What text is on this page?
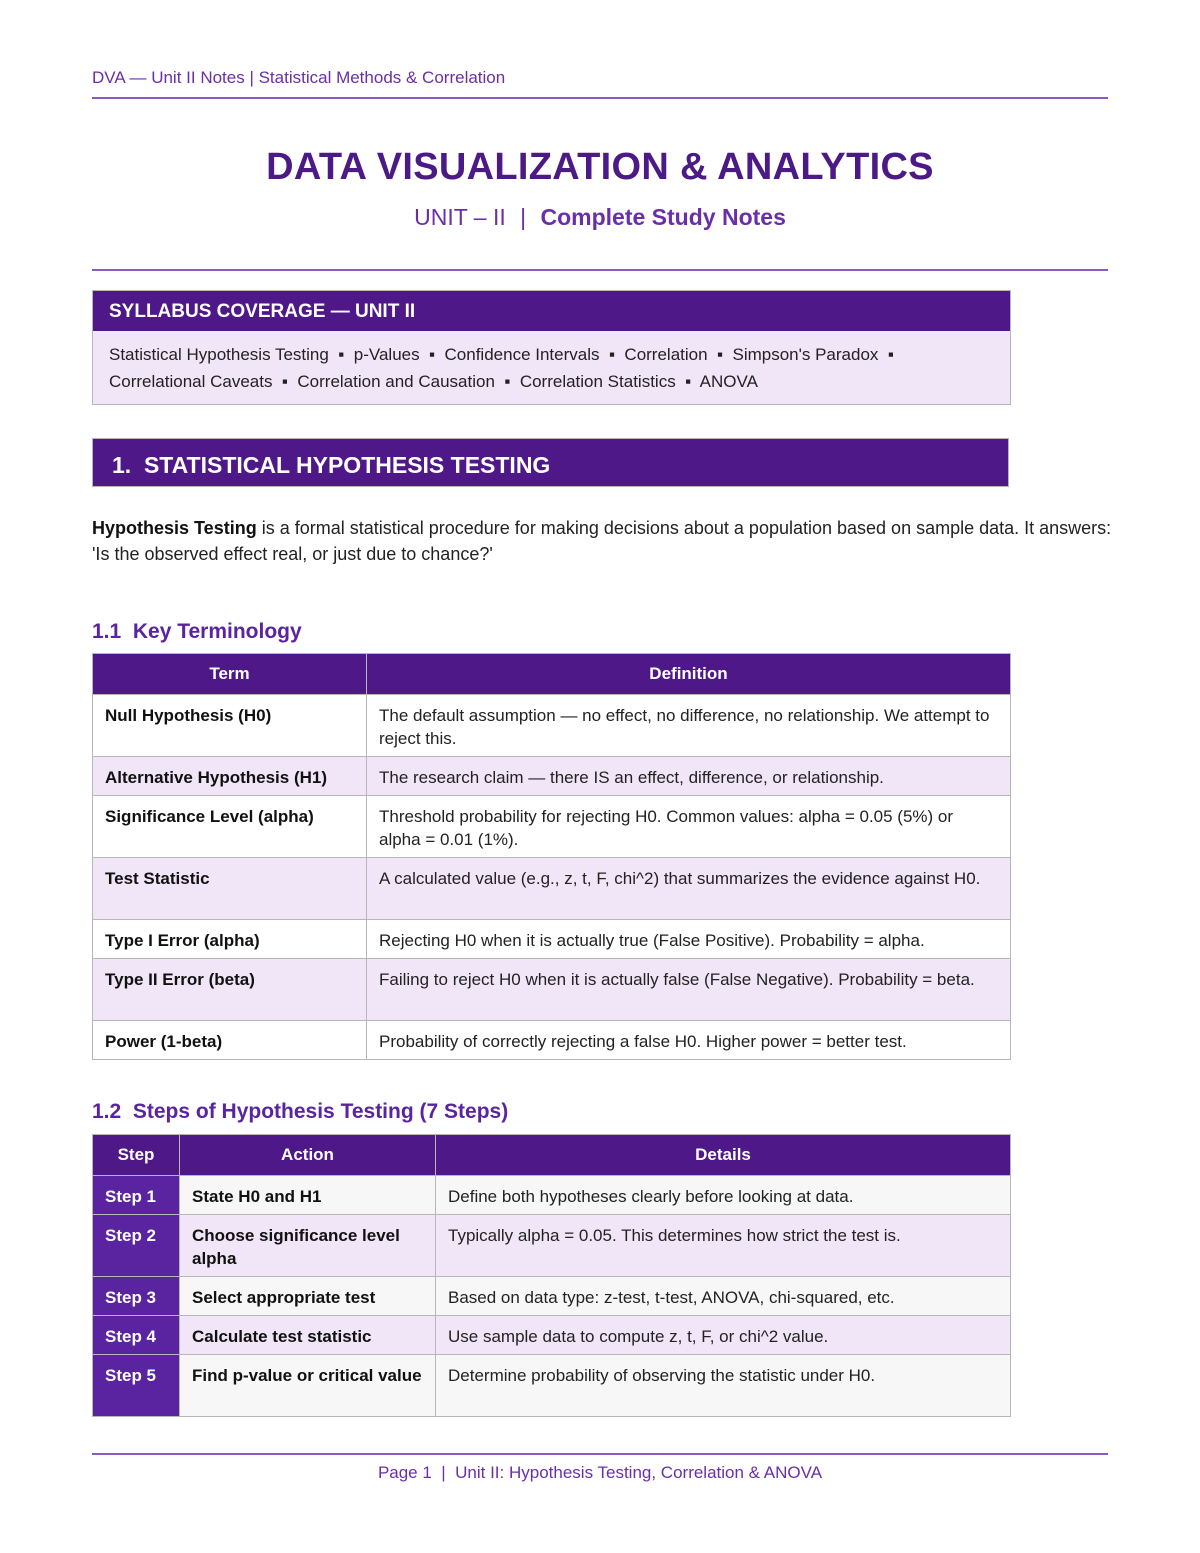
DVA — Unit II Notes | Statistical Methods & Correlation
DATA VISUALIZATION & ANALYTICS
UNIT – II | Complete Study Notes
SYLLABUS COVERAGE — UNIT II
Statistical Hypothesis Testing  ▪  p-Values  ▪  Confidence Intervals  ▪  Correlation  ▪  Simpson's Paradox  ▪
Correlational Caveats  ▪  Correlation and Causation  ▪  Correlation Statistics  ▪  ANOVA
1.  STATISTICAL HYPOTHESIS TESTING
Hypothesis Testing is a formal statistical procedure for making decisions about a population based on sample data. It answers: 'Is the observed effect real, or just due to chance?'
1.1  Key Terminology
Term	Definition
Null Hypothesis (H0)	The default assumption — no effect, no difference, no relationship. We attempt to reject this.
Alternative Hypothesis (H1)	The research claim — there IS an effect, difference, or relationship.
Significance Level (alpha)	Threshold probability for rejecting H0. Common values: alpha = 0.05 (5%) or alpha = 0.01 (1%).
Test Statistic	A calculated value (e.g., z, t, F, chi^2) that summarizes the evidence against H0.
Type I Error (alpha)	Rejecting H0 when it is actually true (False Positive). Probability = alpha.
Type II Error (beta)	Failing to reject H0 when it is actually false (False Negative). Probability = beta.
Power (1-beta)	Probability of correctly rejecting a false H0. Higher power = better test.
1.2  Steps of Hypothesis Testing (7 Steps)
Step	Action	Details
Step 1	State H0 and H1	Define both hypotheses clearly before looking at data.
Step 2	Choose significance level alpha	Typically alpha = 0.05. This determines how strict the test is.
Step 3	Select appropriate test	Based on data type: z-test, t-test, ANOVA, chi-squared, etc.
Step 4	Calculate test statistic	Use sample data to compute z, t, F, or chi^2 value.
Step 5	Find p-value or critical value	Determine probability of observing the statistic under H0.
Page 1  |  Unit II: Hypothesis Testing, Correlation & ANOVA
